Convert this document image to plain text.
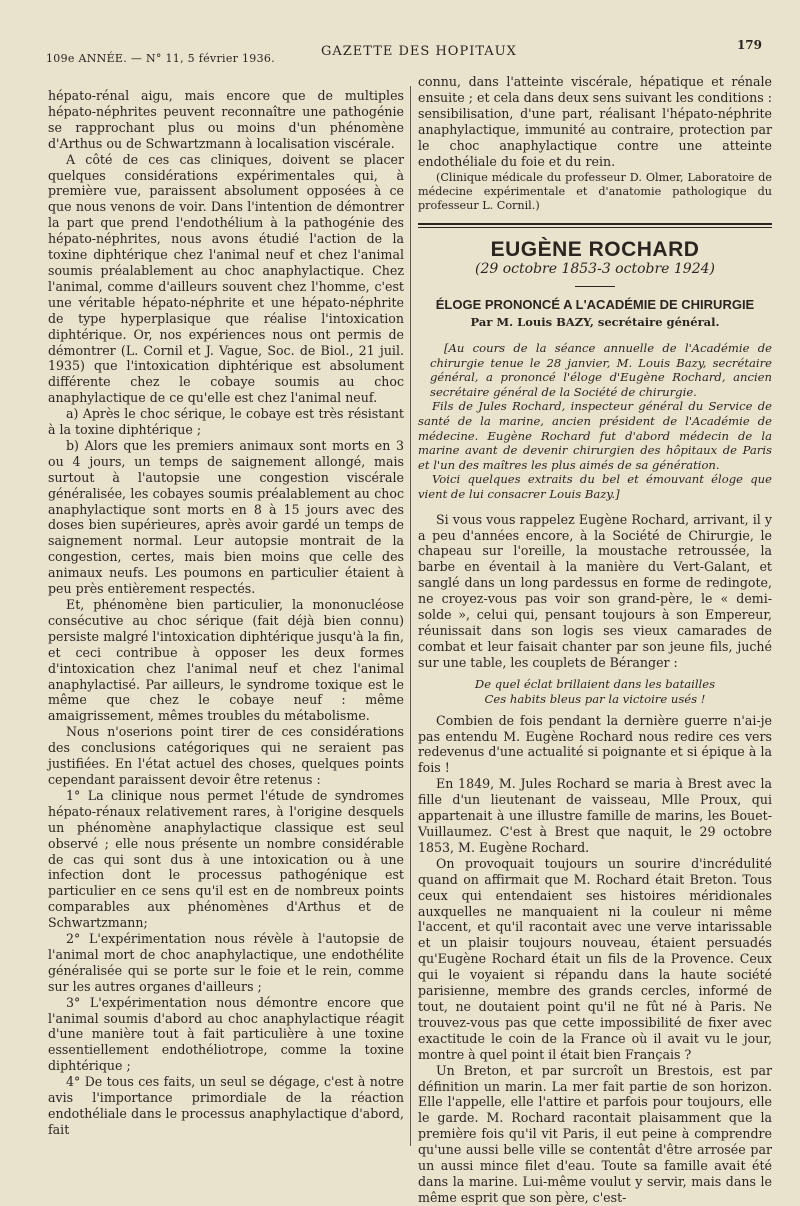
109e ANNÉE. — N° 11, 5 février 1936.	GAZETTE DES HOPITAUX	179

hépato-rénal aigu, mais encore que de multiples hépato-néphrites peuvent reconnaître une pathogénie se rapprochant plus ou moins d'un phénomène d'Arthus ou de Schwartzmann à localisation viscérale.

A côté de ces cas cliniques, doivent se placer quelques considérations expérimentales qui, à première vue, paraissent absolument opposées à ce que nous venons de voir. Dans l'intention de démontrer la part que prend l'endothélium à la pathogénie des hépato-néphrites, nous avons étudié l'action de la toxine diphtérique chez l'animal neuf et chez l'animal soumis préalablement au choc anaphylactique. Chez l'animal, comme d'ailleurs souvent chez l'homme, c'est une véritable hépato-néphrite et une hépato-néphrite de type hyperplasique que réalise l'intoxication diphtérique. Or, nos expériences nous ont permis de démontrer (L. Cornil et J. Vague, Soc. de Biol., 21 juil. 1935) que l'intoxication diphtérique est absolument différente chez le cobaye soumis au choc anaphylactique de ce qu'elle est chez l'animal neuf.

a) Après le choc sérique, le cobaye est très résistant à la toxine diphtérique ;

b) Alors que les premiers animaux sont morts en 3 ou 4 jours, un temps de saignement allongé, mais surtout à l'autopsie une congestion viscérale généralisée, les cobayes soumis préalablement au choc anaphylactique sont morts en 8 à 15 jours avec des doses bien supérieures, après avoir gardé un temps de saignement normal. Leur autopsie montrait de la congestion, certes, mais bien moins que celle des animaux neufs. Les poumons en particulier étaient à peu près entièrement respectés.

Et, phénomène bien particulier, la mononucléose consécutive au choc sérique (fait déjà bien connu) persiste malgré l'intoxication diphtérique jusqu'à la fin, et ceci contribue à opposer les deux formes d'intoxication chez l'animal neuf et chez l'animal anaphylactisé. Par ailleurs, le syndrome toxique est le même que chez le cobaye neuf : même amaigrissement, mêmes troubles du métabolisme.

Nous n'oserions point tirer de ces considérations des conclusions catégoriques qui ne seraient pas justifiées. En l'état actuel des choses, quelques points cependant paraissent devoir être retenus :

1° La clinique nous permet l'étude de syndromes hépato-rénaux relativement rares, à l'origine desquels un phénomène anaphylactique classique est seul observé ; elle nous présente un nombre considérable de cas qui sont dus à une intoxication ou à une infection dont le processus pathogénique est particulier en ce sens qu'il est en de nombreux points comparables aux phénomènes d'Arthus et de Schwartzmann;

2° L'expérimentation nous révèle à l'autopsie de l'animal mort de choc anaphylactique, une endothélite généralisée qui se porte sur le foie et le rein, comme sur les autres organes d'ailleurs ;

3° L'expérimentation nous démontre encore que l'animal soumis d'abord au choc anaphylactique réagit d'une manière tout à fait particulière à une toxine essentiellement endothéliotrope, comme la toxine diphtérique ;

4° De tous ces faits, un seul se dégage, c'est à notre avis l'importance primordiale de la réaction endothéliale dans le processus anaphylactique d'abord, fait

connu, dans l'atteinte viscérale, hépatique et rénale ensuite ; et cela dans deux sens suivant les conditions : sensibilisation, d'une part, réalisant l'hépato-néphrite anaphylactique, immunité au contraire, protection par le choc anaphylactique contre une atteinte endothéliale du foie et du rein.

(Clinique médicale du professeur D. Olmer, Laboratoire de médecine expérimentale et d'anatomie pathologique du professeur L. Cornil.)

EUGÈNE ROCHARD
(29 octobre 1853-3 octobre 1924)
ÉLOGE PRONONCÉ A L'ACADÉMIE DE CHIRURGIE
Par M. Louis BAZY, secrétaire général.

[Au cours de la séance annuelle de l'Académie de chirurgie tenue le 28 janvier, M. Louis Bazy, secrétaire général, a prononcé l'éloge d'Eugène Rochard, ancien secrétaire général de la Société de chirurgie.

Fils de Jules Rochard, inspecteur général du Service de santé de la marine, ancien président de l'Académie de médecine. Eugène Rochard fut d'abord médecin de la marine avant de devenir chirurgien des hôpitaux de Paris et l'un des maîtres les plus aimés de sa génération.

Voici quelques extraits du bel et émouvant éloge que vient de lui consacrer Louis Bazy.]

Si vous vous rappelez Eugène Rochard, arrivant, il y a peu d'années encore, à la Société de Chirurgie, le chapeau sur l'oreille, la moustache retroussée, la barbe en éventail à la manière du Vert-Galant, et sanglé dans un long pardessus en forme de redingote, ne croyez-vous pas voir son grand-père, le « demi-solde », celui qui, pensant toujours à son Empereur, réunissait dans son logis ses vieux camarades de combat et leur faisait chanter par son jeune fils, juché sur une table, les couplets de Béranger :

De quel éclat brillaient dans les batailles
Ces habits bleus par la victoire usés !

Combien de fois pendant la dernière guerre n'ai-je pas entendu M. Eugène Rochard nous redire ces vers redevenus d'une actualité si poignante et si épique à la fois !

En 1849, M. Jules Rochard se maria à Brest avec la fille d'un lieutenant de vaisseau, Mlle Proux, qui appartenait à une illustre famille de marins, les Bouet-Vuillaumez. C'est à Brest que naquit, le 29 octobre 1853, M. Eugène Rochard.

On provoquait toujours un sourire d'incrédulité quand on affirmait que M. Rochard était Breton. Tous ceux qui entendaient ses histoires méridionales auxquelles ne manquaient ni la couleur ni même l'accent, et qu'il racontait avec une verve intarissable et un plaisir toujours nouveau, étaient persuadés qu'Eugène Rochard était un fils de la Provence. Ceux qui le voyaient si répandu dans la haute société parisienne, membre des grands cercles, informé de tout, ne doutaient point qu'il ne fût né à Paris. Ne trouvez-vous pas que cette impossibilité de fixer avec exactitude le coin de la France où il avait vu le jour, montre à quel point il était bien Français ?

Un Breton, et par surcroît un Brestois, est par définition un marin. La mer fait partie de son horizon. Elle l'appelle, elle l'attire et parfois pour toujours, elle le garde. M. Rochard racontait plaisamment que la première fois qu'il vit Paris, il eut peine à comprendre qu'une aussi belle ville se contentât d'être arrosée par un aussi mince filet d'eau. Toute sa famille avait été dans la marine. Lui-même voulut y servir, mais dans le même esprit que son père, c'est-
